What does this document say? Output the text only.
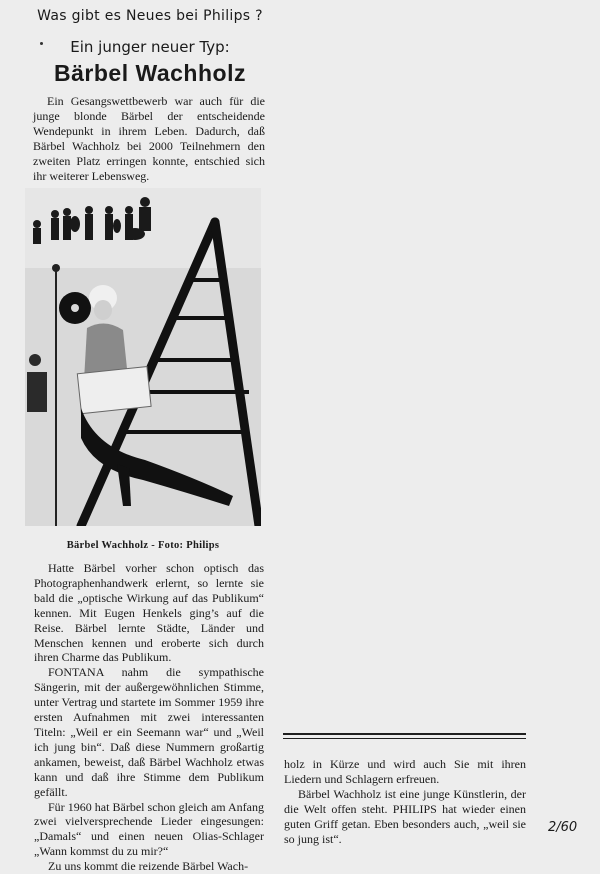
Was gibt es Neues bei Philips ?
Ein junger neuer Typ:
Bärbel Wachholz

Ein Gesangswettbewerb war auch für die junge blonde Bärbel der entscheidende Wendepunkt in ihrem Leben. Dadurch, daß Bärbel Wachholz bei 2000 Teilnehmern den zweiten Platz erringen konnte, entschied sich ihr weiterer Lebensweg.

Bärbel Wachholz - Foto: Philips

Hatte Bärbel vorher schon optisch das Photographenhandwerk erlernt, so lernte sie bald die „optische Wirkung auf das Publikum“ kennen. Mit Eugen Henkels ging’s auf die Reise. Bärbel lernte Städte, Länder und Menschen kennen und eroberte sich durch ihren Charme das Publikum.

FONTANA nahm die sympathische Sängerin, mit der außergewöhnlichen Stimme, unter Vertrag und startete im Sommer 1959 ihre ersten Aufnahmen mit zwei interessanten Titeln: „Weil er ein Seemann war“ und „Weil ich jung bin“. Daß diese Nummern großartig ankamen, beweist, daß Bärbel Wachholz etwas kann und daß ihre Stimme dem Publikum gefällt.

Für 1960 hat Bärbel schon gleich am Anfang zwei vielversprechende Lieder eingesungen: „Damals“ und einen neuen Olias-Schlager „Wann kommst du zu mir?“

Zu uns kommt die reizende Bärbel Wach-

holz in Kürze und wird auch Sie mit ihren Liedern und Schlagern erfreuen.

Bärbel Wachholz ist eine junge Künstlerin, der die Welt offen steht. PHILIPS hat wieder einen guten Griff getan. Eben besonders auch, „weil sie so jung ist“.

2/60
